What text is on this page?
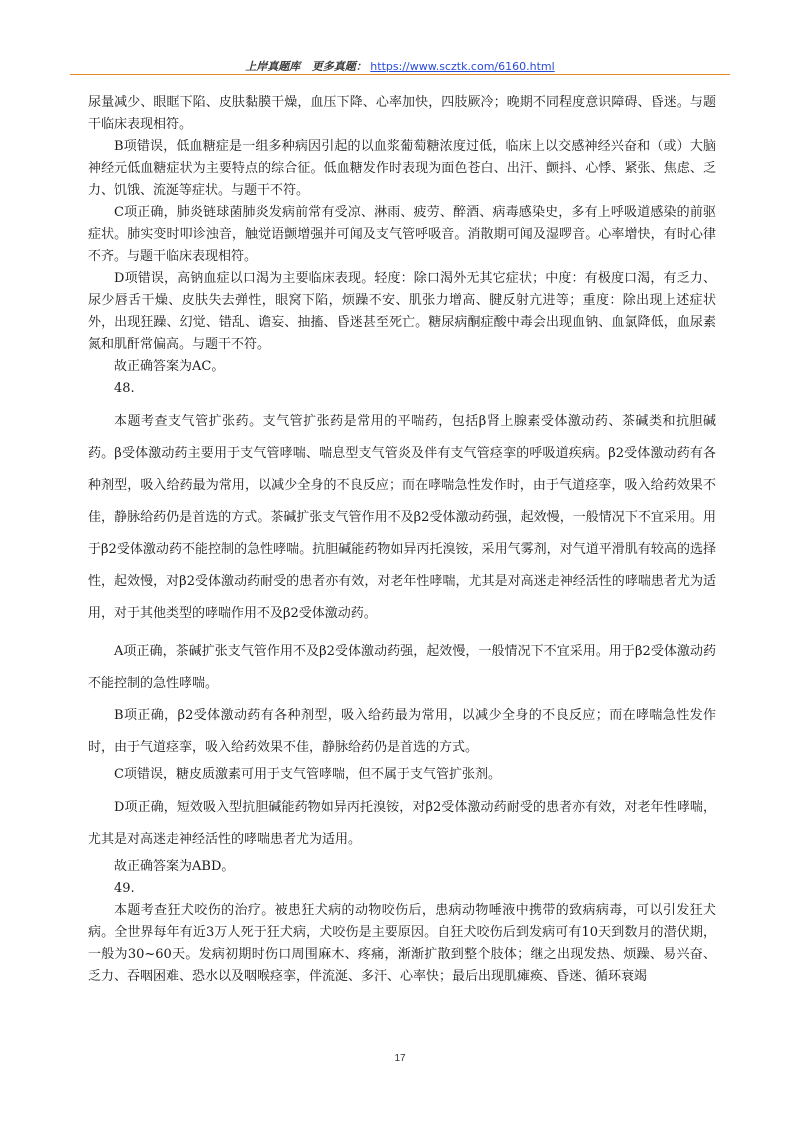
上岸真题库 更多真题： https://www.scztk.com/6160.html

尿量减少、眼眶下陷、皮肤黏膜干燥，血压下降、心率加快，四肢厥冷；晚期不同程度意识障碍、昏迷。与题干临床表现相符。

B项错误，低血糖症是一组多种病因引起的以血浆葡萄糖浓度过低，临床上以交感神经兴奋和（或）大脑神经元低血糖症状为主要特点的综合征。低血糖发作时表现为面色苍白、出汗、颤抖、心悸、紧张、焦虑、乏力、饥饿、流涎等症状。与题干不符。

C项正确，肺炎链球菌肺炎发病前常有受凉、淋雨、疲劳、醉酒、病毒感染史，多有上呼吸道感染的前驱症状。肺实变时叩诊浊音，触觉语颤增强并可闻及支气管呼吸音。消散期可闻及湿啰音。心率增快，有时心律不齐。与题干临床表现相符。

D项错误，高钠血症以口渴为主要临床表现。轻度：除口渴外无其它症状；中度：有极度口渴，有乏力、尿少唇舌干燥、皮肤失去弹性，眼窝下陷，烦躁不安、肌张力增高、腱反射亢进等；重度：除出现上述症状外，出现狂躁、幻觉、错乱、谵妄、抽搐、昏迷甚至死亡。糖尿病酮症酸中毒会出现血钠、血氯降低，血尿素氮和肌酐常偏高。与题干不符。

故正确答案为AC。

48.

本题考查支气管扩张药。支气管扩张药是常用的平喘药，包括β肾上腺素受体激动药、茶碱类和抗胆碱药。β受体激动药主要用于支气管哮喘、喘息型支气管炎及伴有支气管痉挛的呼吸道疾病。β2受体激动药有各种剂型，吸入给药最为常用，以减少全身的不良反应；而在哮喘急性发作时，由于气道痉挛，吸入给药效果不佳，静脉给药仍是首选的方式。茶碱扩张支气管作用不及β2受体激动药强，起效慢，一般情况下不宜采用。用于β2受体激动药不能控制的急性哮喘。抗胆碱能药物如异丙托溴铵，采用气雾剂，对气道平滑肌有较高的选择性，起效慢，对β2受体激动药耐受的患者亦有效，对老年性哮喘，尤其是对高迷走神经活性的哮喘患者尤为适用，对于其他类型的哮喘作用不及β2受体激动药。

A项正确，茶碱扩张支气管作用不及β2受体激动药强，起效慢，一般情况下不宜采用。用于β2受体激动药不能控制的急性哮喘。

B项正确，β2受体激动药有各种剂型，吸入给药最为常用，以减少全身的不良反应；而在哮喘急性发作时，由于气道痉挛，吸入给药效果不佳，静脉给药仍是首选的方式。

C项错误，糖皮质激素可用于支气管哮喘，但不属于支气管扩张剂。

D项正确，短效吸入型抗胆碱能药物如异丙托溴铵，对β2受体激动药耐受的患者亦有效，对老年性哮喘，尤其是对高迷走神经活性的哮喘患者尤为适用。

故正确答案为ABD。

49.

本题考查狂犬咬伤的治疗。被患狂犬病的动物咬伤后，患病动物唾液中携带的致病病毒，可以引发狂犬病。全世界每年有近3万人死于狂犬病，犬咬伤是主要原因。自狂犬咬伤后到发病可有10天到数月的潜伏期，一般为30~60天。发病初期时伤口周围麻木、疼痛，渐渐扩散到整个肢体；继之出现发热、烦躁、易兴奋、乏力、吞咽困难、恐水以及咽喉痉挛，伴流涎、多汗、心率快；最后出现肌瘫痪、昏迷、循环衰竭

17
